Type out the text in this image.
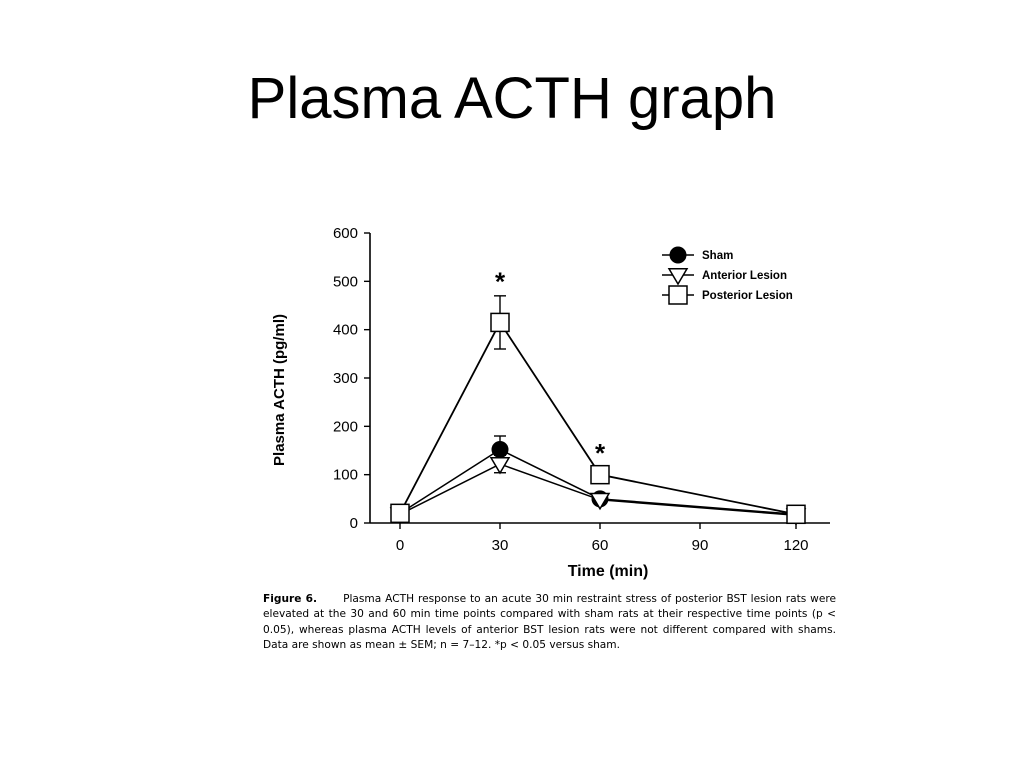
Plasma ACTH graph
0
100
200
300
400
500
600
0	30	60	90	120
Time (min)
Plasma ACTH (pg/ml)
*
*
Sham
Anterior Lesion
Posterior Lesion
Figure 6. Plasma ACTH response to an acute 30 min restraint stress of posterior BST lesion rats were elevated at the 30 and 60 min time points compared with sham rats at their respective time points (p < 0.05), whereas plasma ACTH levels of anterior BST lesion rats were not different compared with shams. Data are shown as mean ± SEM; n = 7–12. *p < 0.05 versus sham.
